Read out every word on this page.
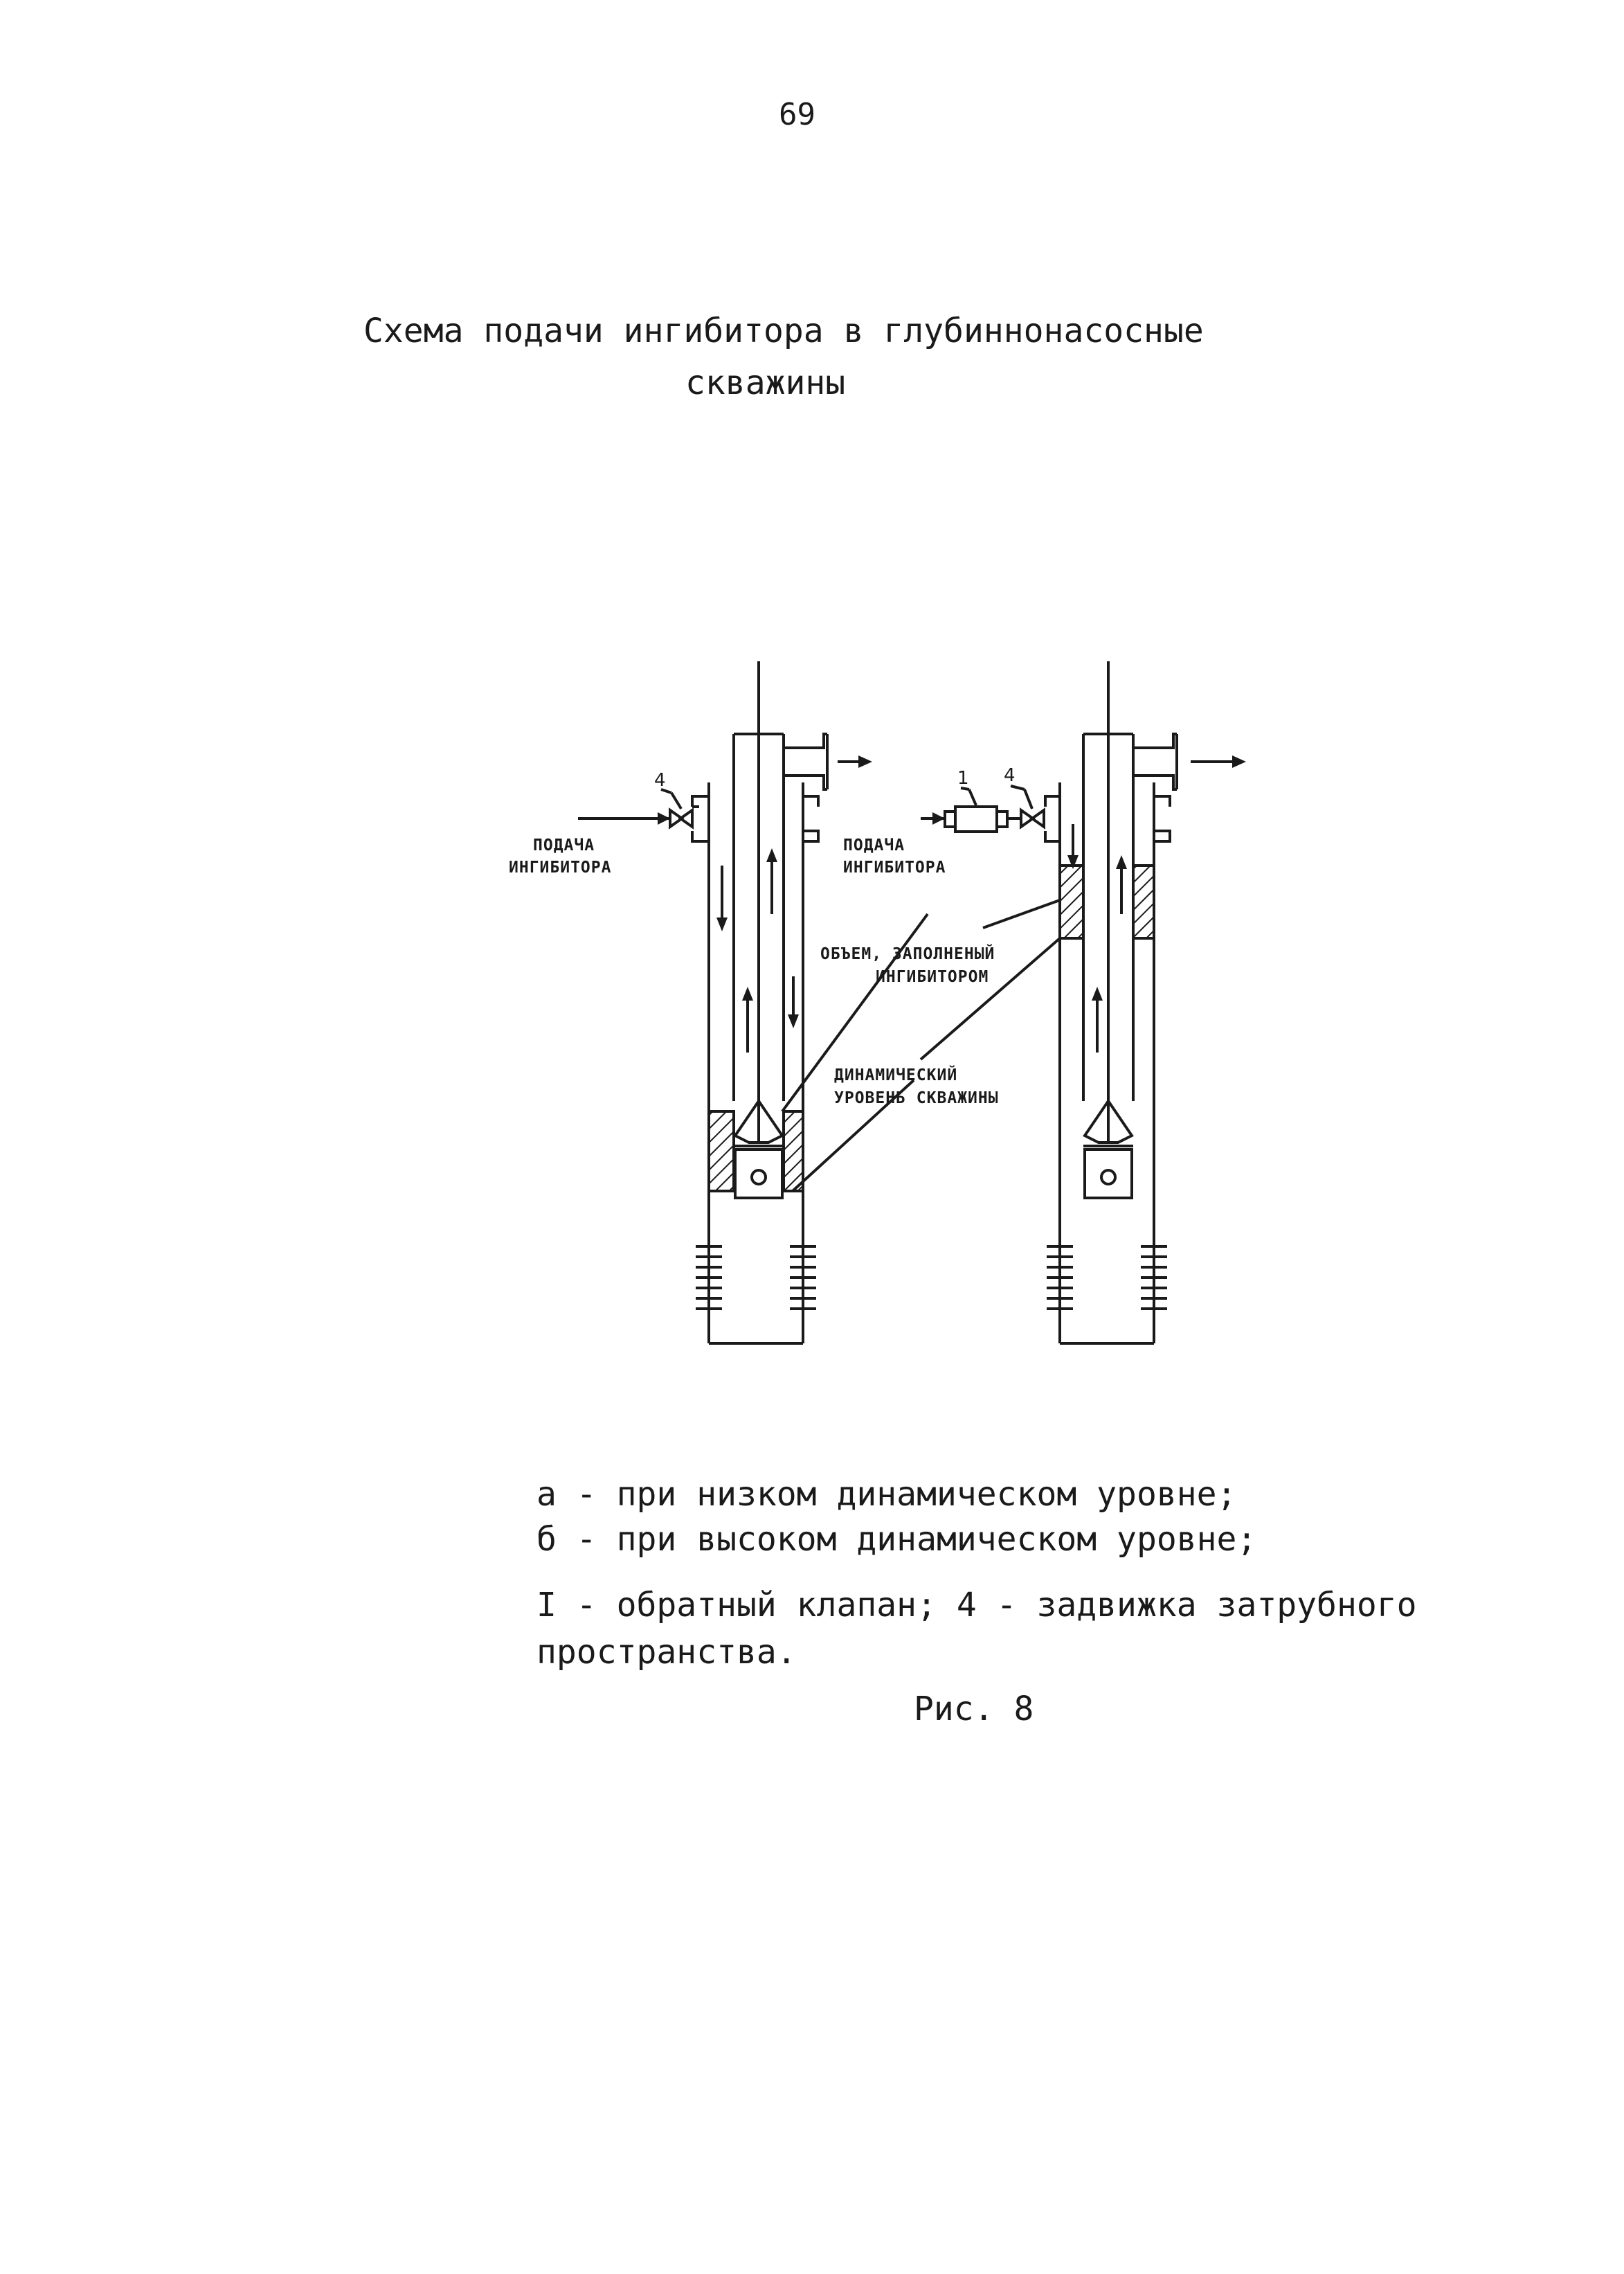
69
Схема подачи ингибитора в глубиннонасосные
скважины
4
ПОДАЧА
ИНГИБИТОРА
ПОДАЧА
ИНГИБИТОРА
ОБЪЕМ, ЗАПОЛНЕНЫЙ
ИНГИБИТОРОМ
ДИНАМИЧЕСКИЙ
УРОВЕНЬ СКВАЖИНЫ
1 4
а - при низком динамическом уровне;
б - при высоком динамическом уровне;
I - обратный клапан; 4 - задвижка затрубного
пространства.
Рис. 8
